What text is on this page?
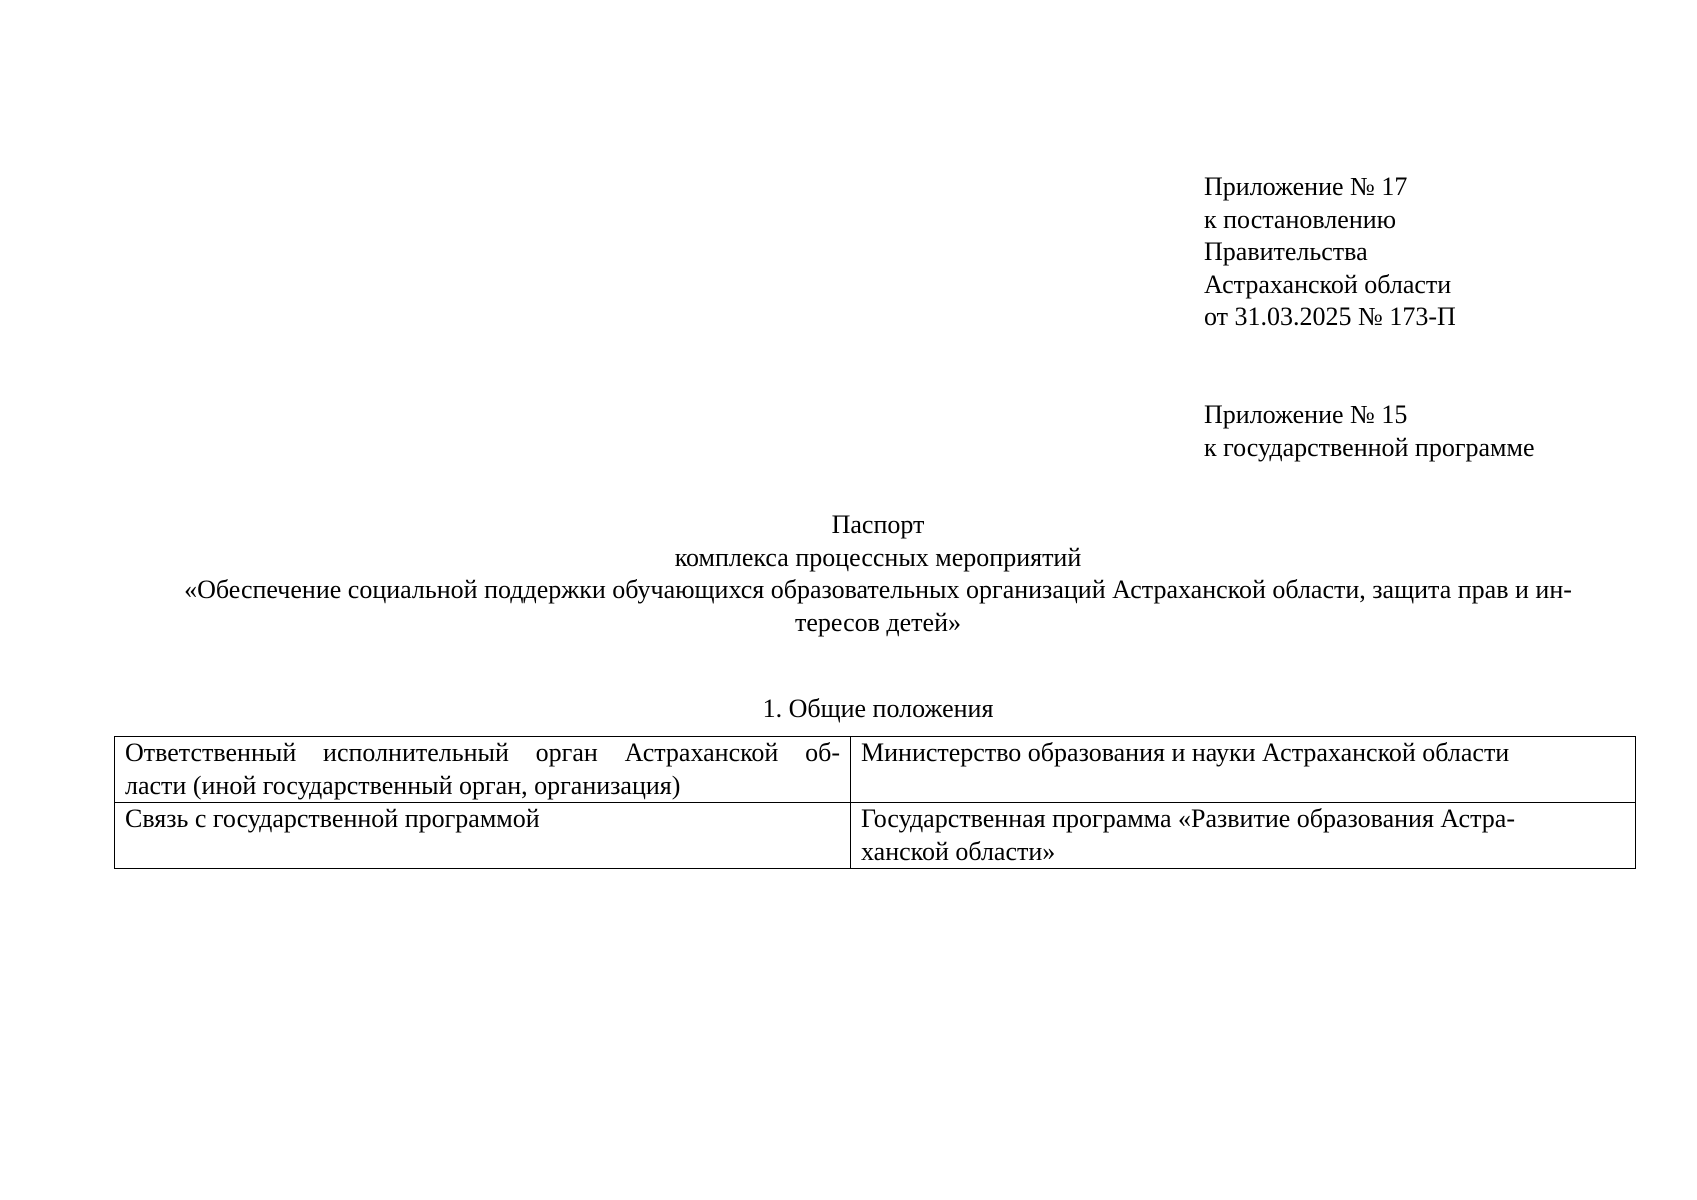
Приложение № 17
к постановлению
Правительства
Астраханской области
от 31.03.2025 № 173-П
Приложение № 15
к государственной программе
Паспорт
комплекса процессных мероприятий
«Обеспечение социальной поддержки обучающихся образовательных организаций Астраханской области, защита прав и ин-
тересов детей»
1. Общие положения
Ответственный исполнительный орган Астраханской об-
ласти (иной государственный орган, организация)	Министерство образования и науки Астраханской области

Связь с государственной программой	Государственная программа «Развитие образования Астра-
ханской области»
